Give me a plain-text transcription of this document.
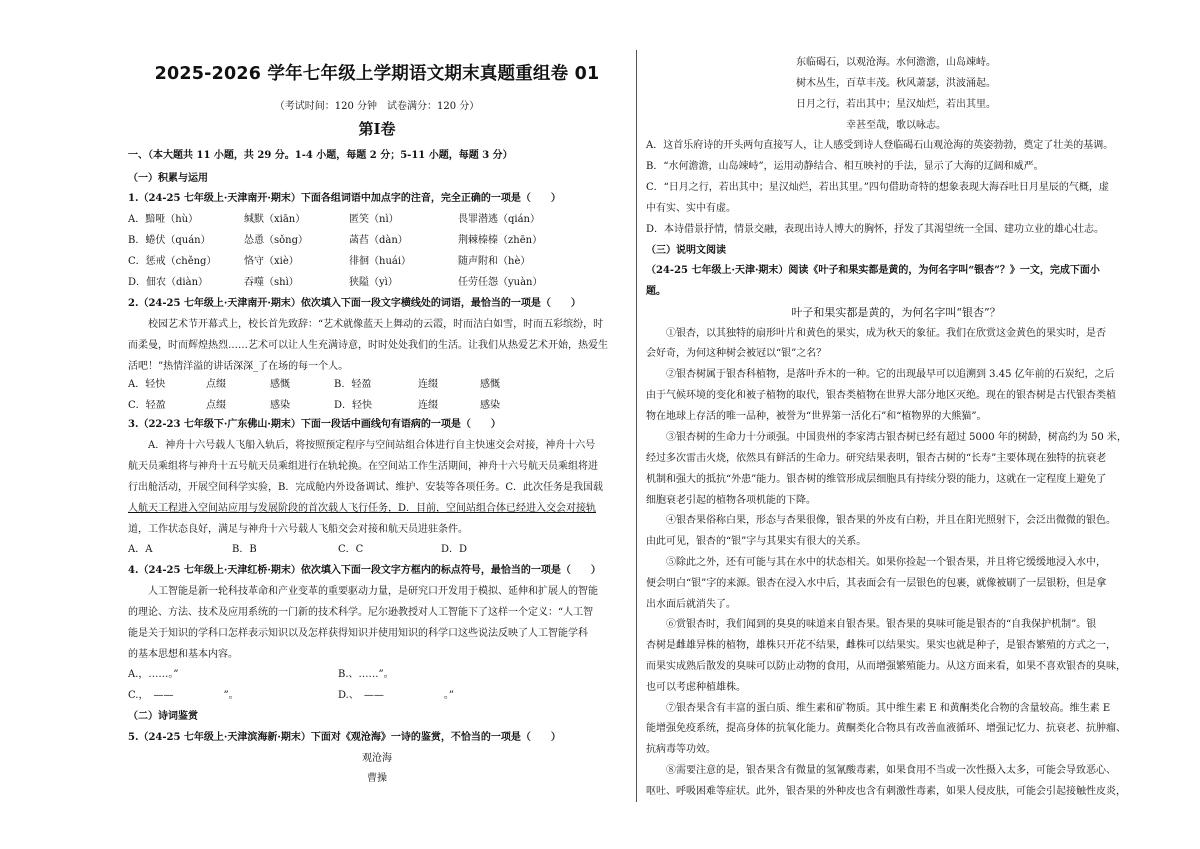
2025-2026 学年七年级上学期语文期末真题重组卷 01
（考试时间：120 分钟　试卷满分：120 分）
第Ⅰ卷
一、（本大题共 11 小题，共 29 分。1-4 小题，每题 2 分；5-11 小题，每题 3 分）
（一）积累与运用
1.（24-25 七年级上·天津南开·期末）下面各组词语中加点字的注音，完全正确的一项是（　　）
A．黯哑（hù）	缄默（xiān）	匿笑（nì）	畏罪潜逃（qián）
B．蜷伏（quán）	怂恿（sǒng）	菡萏（dàn）	荆棘榛榛（zhēn）
C．惩戒（chěng）	恪守（xiè）	徘徊（huái）	随声附和（hè）
D．佃农（diàn）	吞噬（shì）	狭隘（yì）	任劳任怨（yuàn）
2.（24-25 七年级上·天津南开·期末）依次填入下面一段文字横线处的词语，最恰当的一项是（　　）
校园艺术节开幕式上，校长首先致辞：“艺术就像蓝天上舞动的云霞，时而洁白如雪，时而五彩缤纷，时
而柔曼，时而辉煌热烈……艺术可以让人生充满诗意，时时处处我们的生活。让我们从热爱艺术开始，热爱生
活吧！”热情洋溢的讲话深深_了在场的每一个人。
A．轻快	点缀	感慨	B．轻盈	连缀	感慨
C．轻盈	点缀	感染	D．轻快	连缀	感染
3.（22-23 七年级下·广东佛山·期末）下面一段话中画线句有语病的一项是（　　）
A．神舟十六号载人飞船入轨后，将按照预定程序与空间站组合体进行自主快速交会对接，神舟十六号
航天员乘组将与神舟十五号航天员乘组进行在轨轮换。在空间站工作生活期间，神舟十六号航天员乘组将进
行出舱活动，开展空间科学实验，B．完成舱内外设备调试、维护、安装等各项任务。C．此次任务是我国载
人航天工程进入空间站应用与发展阶段的首次载人飞行任务，D．目前，空间站组合体已经进入交会对接轨
道，工作状态良好，满足与神舟十六号载人飞船交会对接和航天员进驻条件。
A．A	B．B	C．C	D．D
4.（24-25 七年级上·天津红桥·期末）依次填入下面一段文字方框内的标点符号，最恰当的一项是（　　）
人工智能是新一轮科技革命和产业变革的重要驱动力量，是研究口开发用于模拟、延伸和扩展人的智能
的理论、方法、技术及应用系统的一门新的技术科学。尼尔逊教授对人工智能下了这样一个定义：“人工智
能是关于知识的学科口怎样表示知识以及怎样获得知识并使用知识的科学口这些说法反映了人工智能学科
的基本思想和基本内容。
A.，……。”	B.、……”。
C.，　——　　　　　”。	D.、　——　　　　　　。”
（二）诗词鉴赏
5.（24-25 七年级上·天津滨海新·期末）下面对《观沧海》一诗的鉴赏，不恰当的一项是（　　）
观沧海
曹操
东临碣石，以观沧海。水何澹澹，山岛竦峙。
树木丛生，百草丰茂。秋风萧瑟，洪波涌起。
日月之行，若出其中；星汉灿烂，若出其里。
幸甚至哉，歌以咏志。
A．这首乐府诗的开头两句直接写人，让人感受到诗人登临碣石山观沧海的英姿勃勃，奠定了壮美的基调。
B．“水何澹澹，山岛竦峙”，运用动静结合、相互映衬的手法，显示了大海的辽阔和威严。
C．“日月之行，若出其中；星汉灿烂，若出其里。”四句借助奇特的想象表现大海吞吐日月星辰的气概，虚
中有实、实中有虚。
D．本诗借景抒情，情景交融，表现出诗人博大的胸怀，抒发了其渴望统一全国、建功立业的雄心壮志。
（三）说明文阅读
（24-25 七年级上·天津·期末）阅读《叶子和果实都是黄的，为何名字叫“银杏”？》一文，完成下面小
题。
叶子和果实都是黄的，为何名字叫“银杏”？
①银杏，以其独特的扇形叶片和黄色的果实，成为秋天的象征。我们在欣赏这金黄色的果实时，是否
会好奇，为何这种树会被冠以“银”之名？
②银杏树属于银杏科植物，是落叶乔木的一种。它的出现最早可以追溯到 3.45 亿年前的石炭纪，之后
由于气候环境的变化和被子植物的取代，银杏类植物在世界大部分地区灭绝。现在的银杏树是古代银杏类植
物在地球上存活的唯一品种，被誉为“世界第一活化石”和“植物界的大熊猫”。
③银杏树的生命力十分顽强。中国贵州的李家湾古银杏树已经有超过 5000 年的树龄，树高约为 50 米，
经过多次雷击火烧，依然具有鲜活的生命力。研究结果表明，银杏古树的“长寿”主要体现在独特的抗衰老
机制和强大的抵抗“外患”能力。银杏树的维管形成层细胞具有持续分裂的能力，这就在一定程度上避免了
细胞衰老引起的植物各项机能的下降。
④银杏果俗称白果，形态与杏果很像，银杏果的外皮有白粉，并且在阳光照射下，会泛出微微的银色。
由此可见，银杏的“银”字与其果实有很大的关系。
⑤除此之外，还有可能与其在水中的状态相关。如果你捡起一个银杏果，并且将它缓缓地浸入水中，
便会明白“银”字的来源。银杏在浸入水中后，其表面会有一层银色的包裹，就像被刷了一层银粉，但是拿
出水面后就消失了。
⑥赏银杏时，我们闻到的臭臭的味道来自银杏果。银杏果的臭味可能是银杏的“自我保护机制”。银
杏树是雌雄异株的植物，雄株只开花不结果，雌株可以结果实。果实也就是种子，是银杏繁殖的方式之一，
而果实成熟后散发的臭味可以防止动物的食用，从而增强繁殖能力。从这方面来看，如果不喜欢银杏的臭味，
也可以考虑种植雄株。
⑦银杏果含有丰富的蛋白质、维生素和矿物质。其中维生素 E 和黄酮类化合物的含量较高。维生素 E
能增强免疫系统，提高身体的抗氧化能力。黄酮类化合物具有改善血液循环、增强记忆力、抗衰老、抗肿瘤、
抗病毒等功效。
⑧需要注意的是，银杏果含有微量的氢氰酸毒素，如果食用不当或一次性摄入太多，可能会导致恶心、
呕吐、呼吸困难等症状。此外，银杏果的外种皮也含有刺激性毒素，如果人侵皮肤，可能会引起接触性皮炎，
